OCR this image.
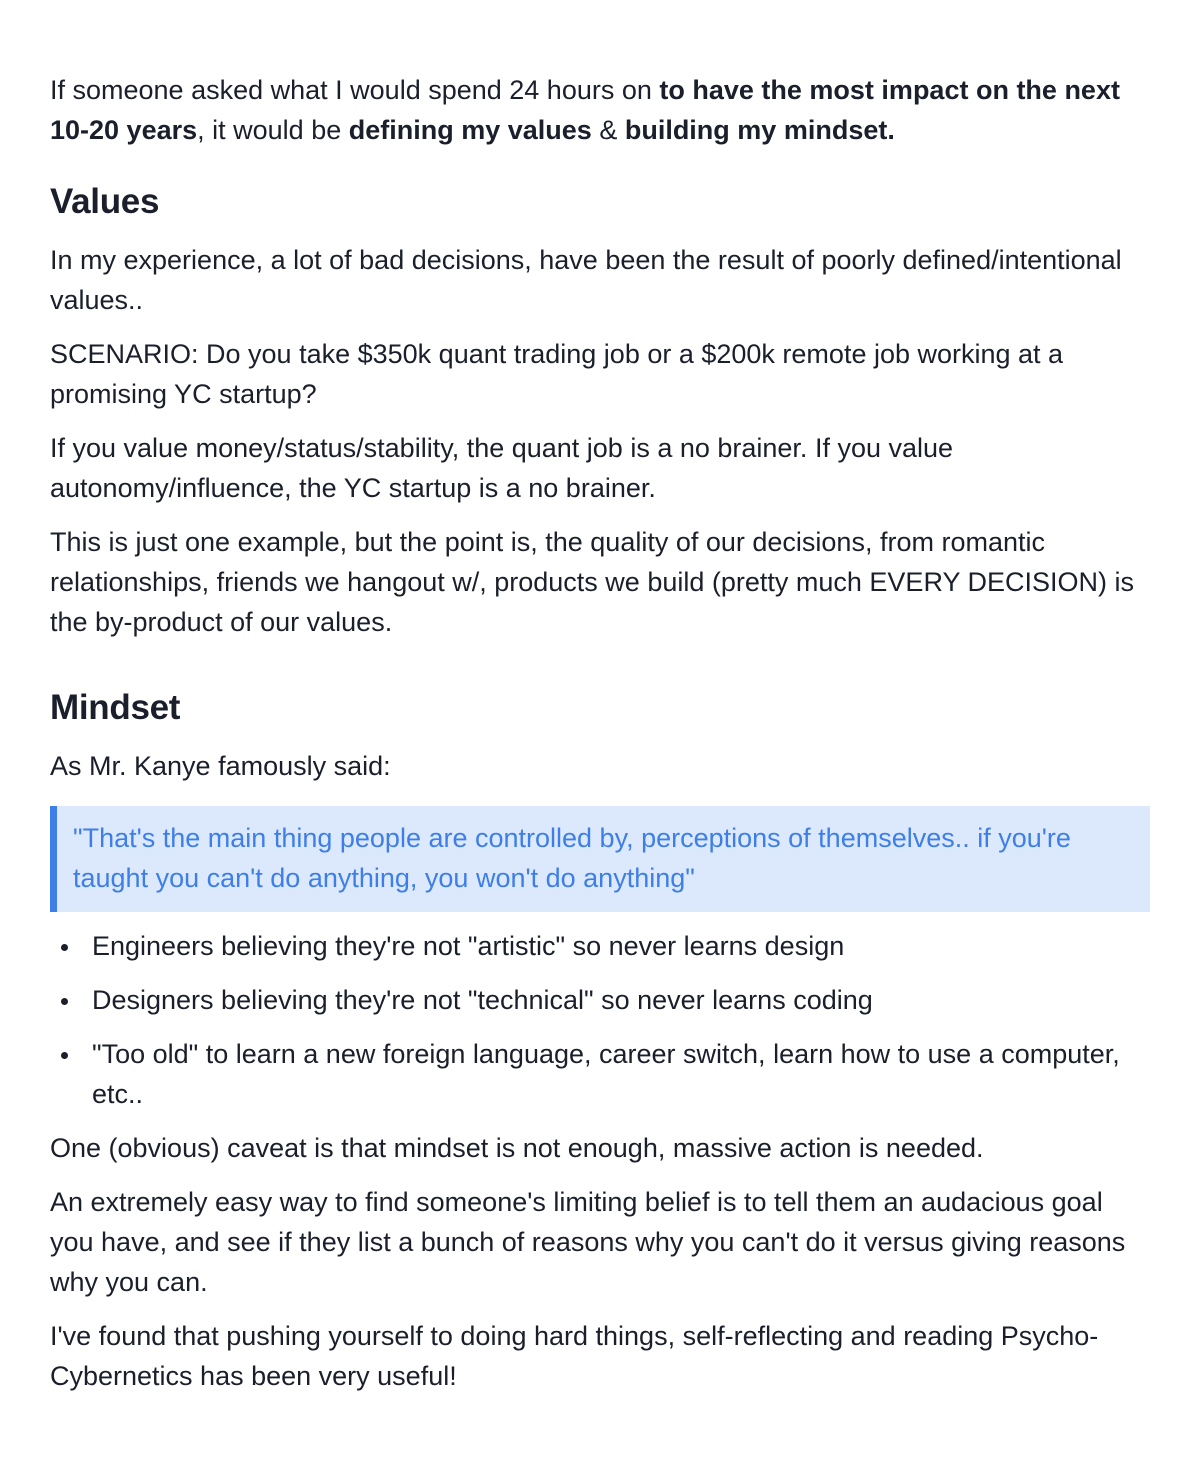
If someone asked what I would spend 24 hours on to have the most impact on the next 10-20 years, it would be defining my values & building my mindset.

Values

In my experience, a lot of bad decisions, have been the result of poorly defined/intentional values..

SCENARIO: Do you take $350k quant trading job or a $200k remote job working at a promising YC startup?

If you value money/status/stability, the quant job is a no brainer. If you value autonomy/influence, the YC startup is a no brainer.

This is just one example, but the point is, the quality of our decisions, from romantic relationships, friends we hangout w/, products we build (pretty much EVERY DECISION) is the by-product of our values.

Mindset

As Mr. Kanye famously said:

"That's the main thing people are controlled by, perceptions of themselves.. if you're taught you can't do anything, you won't do anything"
Engineers believing they're not "artistic" so never learns design
Designers believing they're not "technical" so never learns coding
"Too old" to learn a new foreign language, career switch, learn how to use a computer, etc..

One (obvious) caveat is that mindset is not enough, massive action is needed.

An extremely easy way to find someone's limiting belief is to tell them an audacious goal you have, and see if they list a bunch of reasons why you can't do it versus giving reasons why you can.

I've found that pushing yourself to doing hard things, self-reflecting and reading Psycho-Cybernetics has been very useful!
